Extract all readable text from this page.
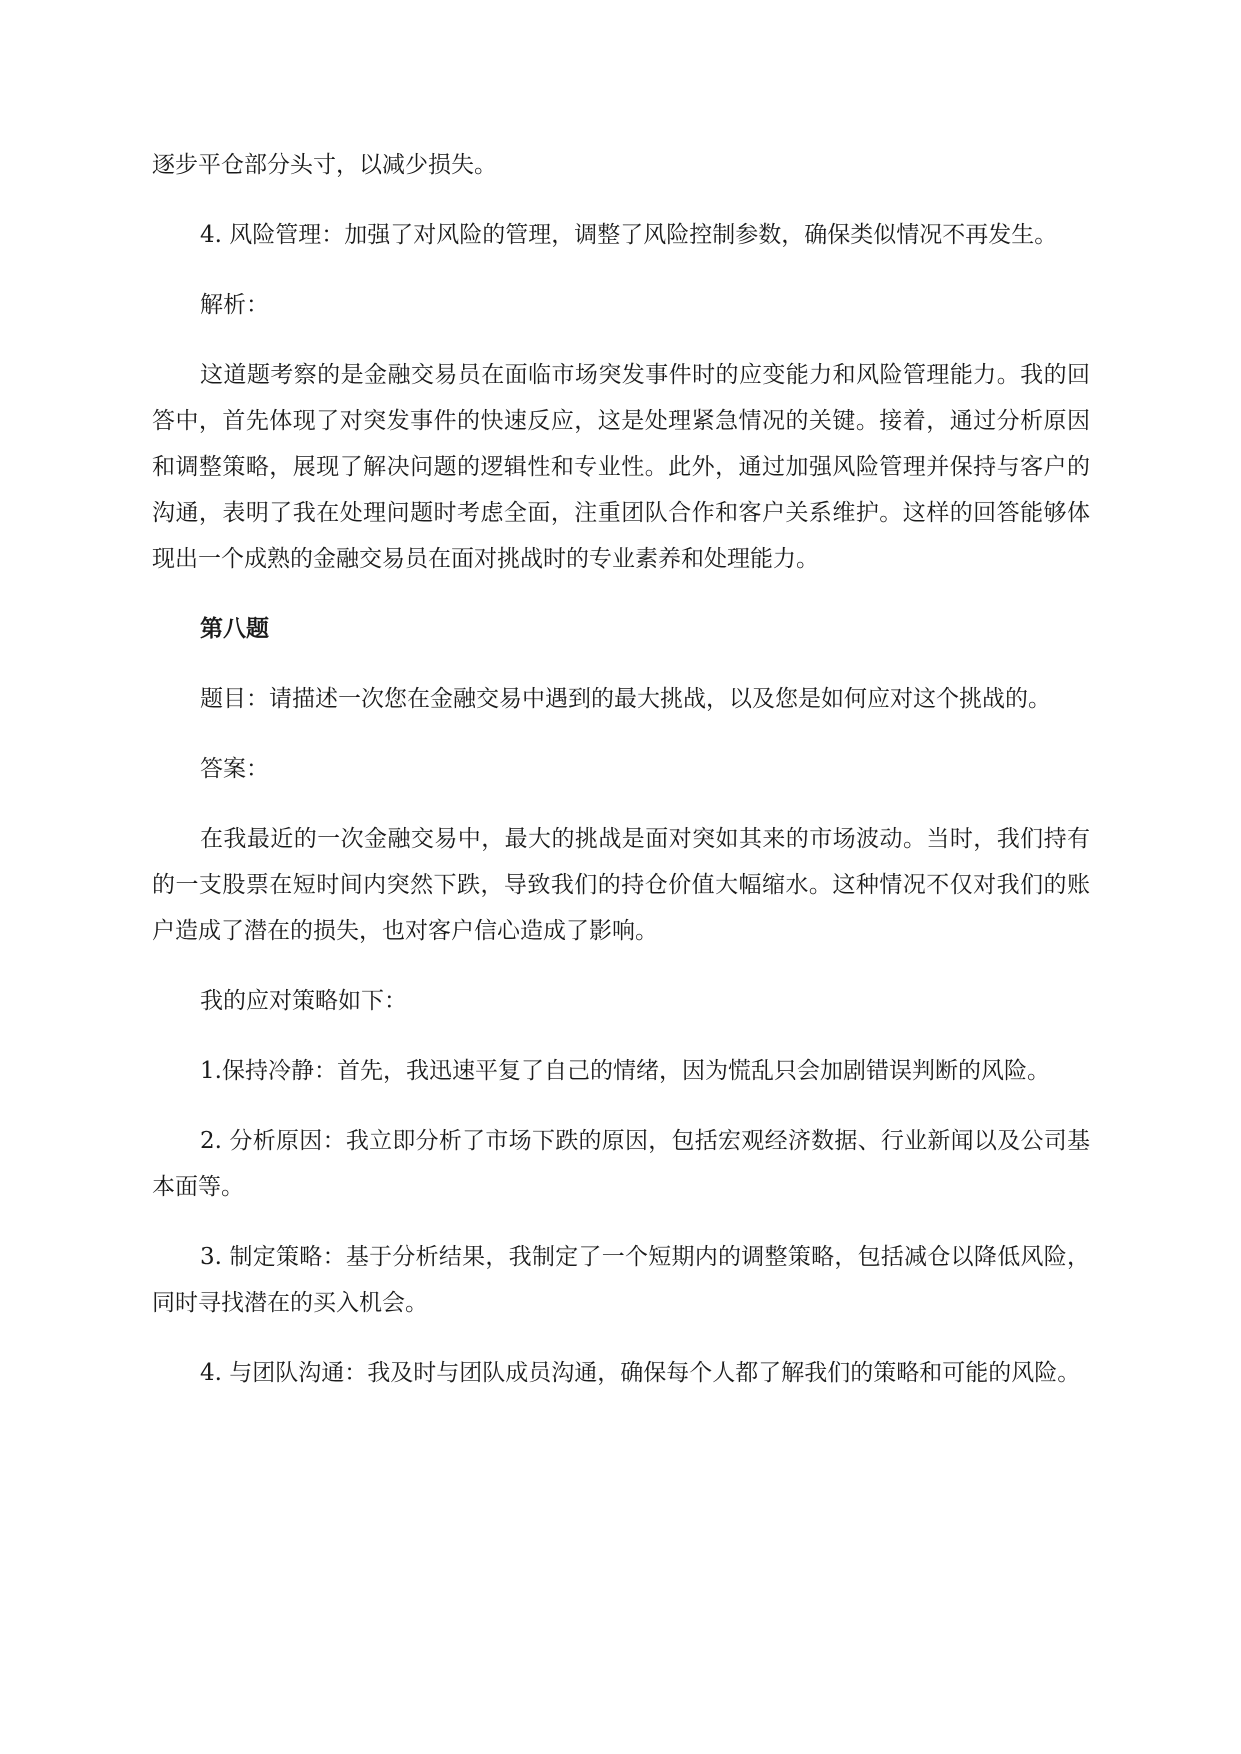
逐步平仓部分头寸，以减少损失。

4. 风险管理：加强了对风险的管理，调整了风险控制参数，确保类似情况不再发生。

解析：

这道题考察的是金融交易员在面临市场突发事件时的应变能力和风险管理能力。我的回答中，首先体现了对突发事件的快速反应，这是处理紧急情况的关键。接着，通过分析原因和调整策略，展现了解决问题的逻辑性和专业性。此外，通过加强风险管理并保持与客户的沟通，表明了我在处理问题时考虑全面，注重团队合作和客户关系维护。这样的回答能够体现出一个成熟的金融交易员在面对挑战时的专业素养和处理能力。

第八题

题目：请描述一次您在金融交易中遇到的最大挑战，以及您是如何应对这个挑战的。

答案：

在我最近的一次金融交易中，最大的挑战是面对突如其来的市场波动。当时，我们持有的一支股票在短时间内突然下跌，导致我们的持仓价值大幅缩水。这种情况不仅对我们的账户造成了潜在的损失，也对客户信心造成了影响。

我的应对策略如下：

1.保持冷静：首先，我迅速平复了自己的情绪，因为慌乱只会加剧错误判断的风险。

2. 分析原因：我立即分析了市场下跌的原因，包括宏观经济数据、行业新闻以及公司基本面等。

3. 制定策略：基于分析结果，我制定了一个短期内的调整策略，包括减仓以降低风险，同时寻找潜在的买入机会。

4. 与团队沟通：我及时与团队成员沟通，确保每个人都了解我们的策略和可能的风险。
